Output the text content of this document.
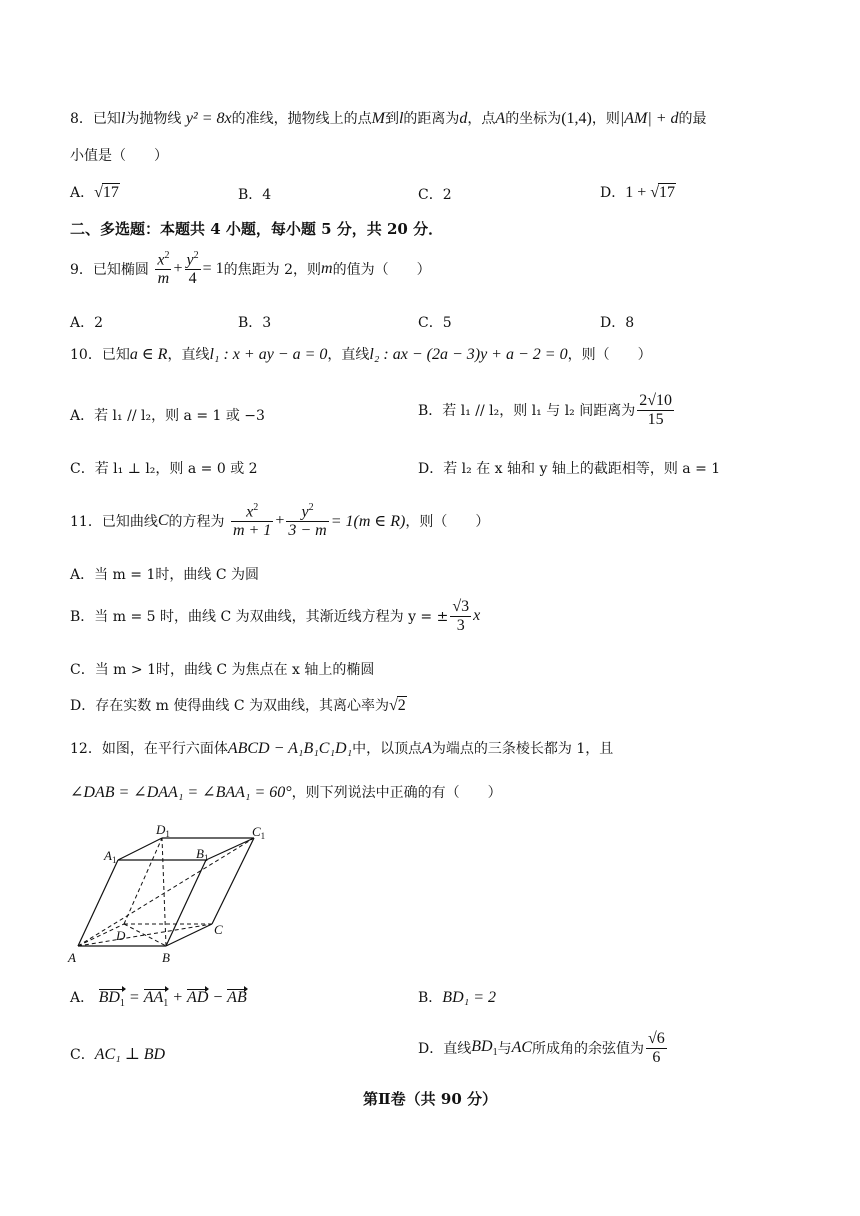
8．已知l为抛物线 y² = 8x的准线，抛物线上的点M到l的距离为d，点A的坐标为(1,4)，则|AM| + d的最
小值是（　　）
A．√17	B．4	C．2	D．1 + √17
二、多选题：本题共 4 小题，每小题 5 分，共 20 分．
9．已知椭圆 $\frac{x^2}{m} + \frac{y^2}{4} = 1$的焦距为 2，则m的值为（　　）
A．2	B．3	C．5	D．8
10．已知a ∈ R，直线l₁ : x + ay − a = 0，直线l₂ : ax − (2a − 3)y + a − 2 = 0，则（　　）
A．若 l₁ // l₂，则 a = 1 或 −3	B．若 l₁ // l₂，则 l₁ 与 l₂ 间距离为 $\frac{2√10}{15}$
C．若 l₁ ⊥ l₂，则 a = 0 或 2	D．若 l₂ 在 x 轴和 y 轴上的截距相等，则 a = 1
11．已知曲线C的方程为 $\frac{x^2}{m + 1} + \frac{y^2}{3 - m} = 1(m$ ∈ R)，则（　　）
A．当 m = 1时，曲线 C 为圆
B．当 m = 5 时，曲线 C 为双曲线，其渐近线方程为 y = ± $\frac{√3}{3}$ x
C．当 m > 1时，曲线 C 为焦点在 x 轴上的椭圆
D．存在实数 m 使得曲线 C 为双曲线，其离心率为√2
12．如图，在平行六面体ABCD − A₁B₁C₁D₁中，以顶点A为端点的三条棱长都为 1，且
∠DAB = ∠DAA₁ = ∠BAA₁ = 60°，则下列说法中正确的有（　　）
A	B
C
D
$A_1$	$B_1$
$C_1$
$D_1$
A． $BD_1 = AA_1$ + AD − AB	B．BD₁ = 2
C．AC₁ ⊥ BD	D．直线$BD_1$与AC所成角的余弦值为 $\frac{√6}{6}$
第Ⅱ卷（共 90 分）
